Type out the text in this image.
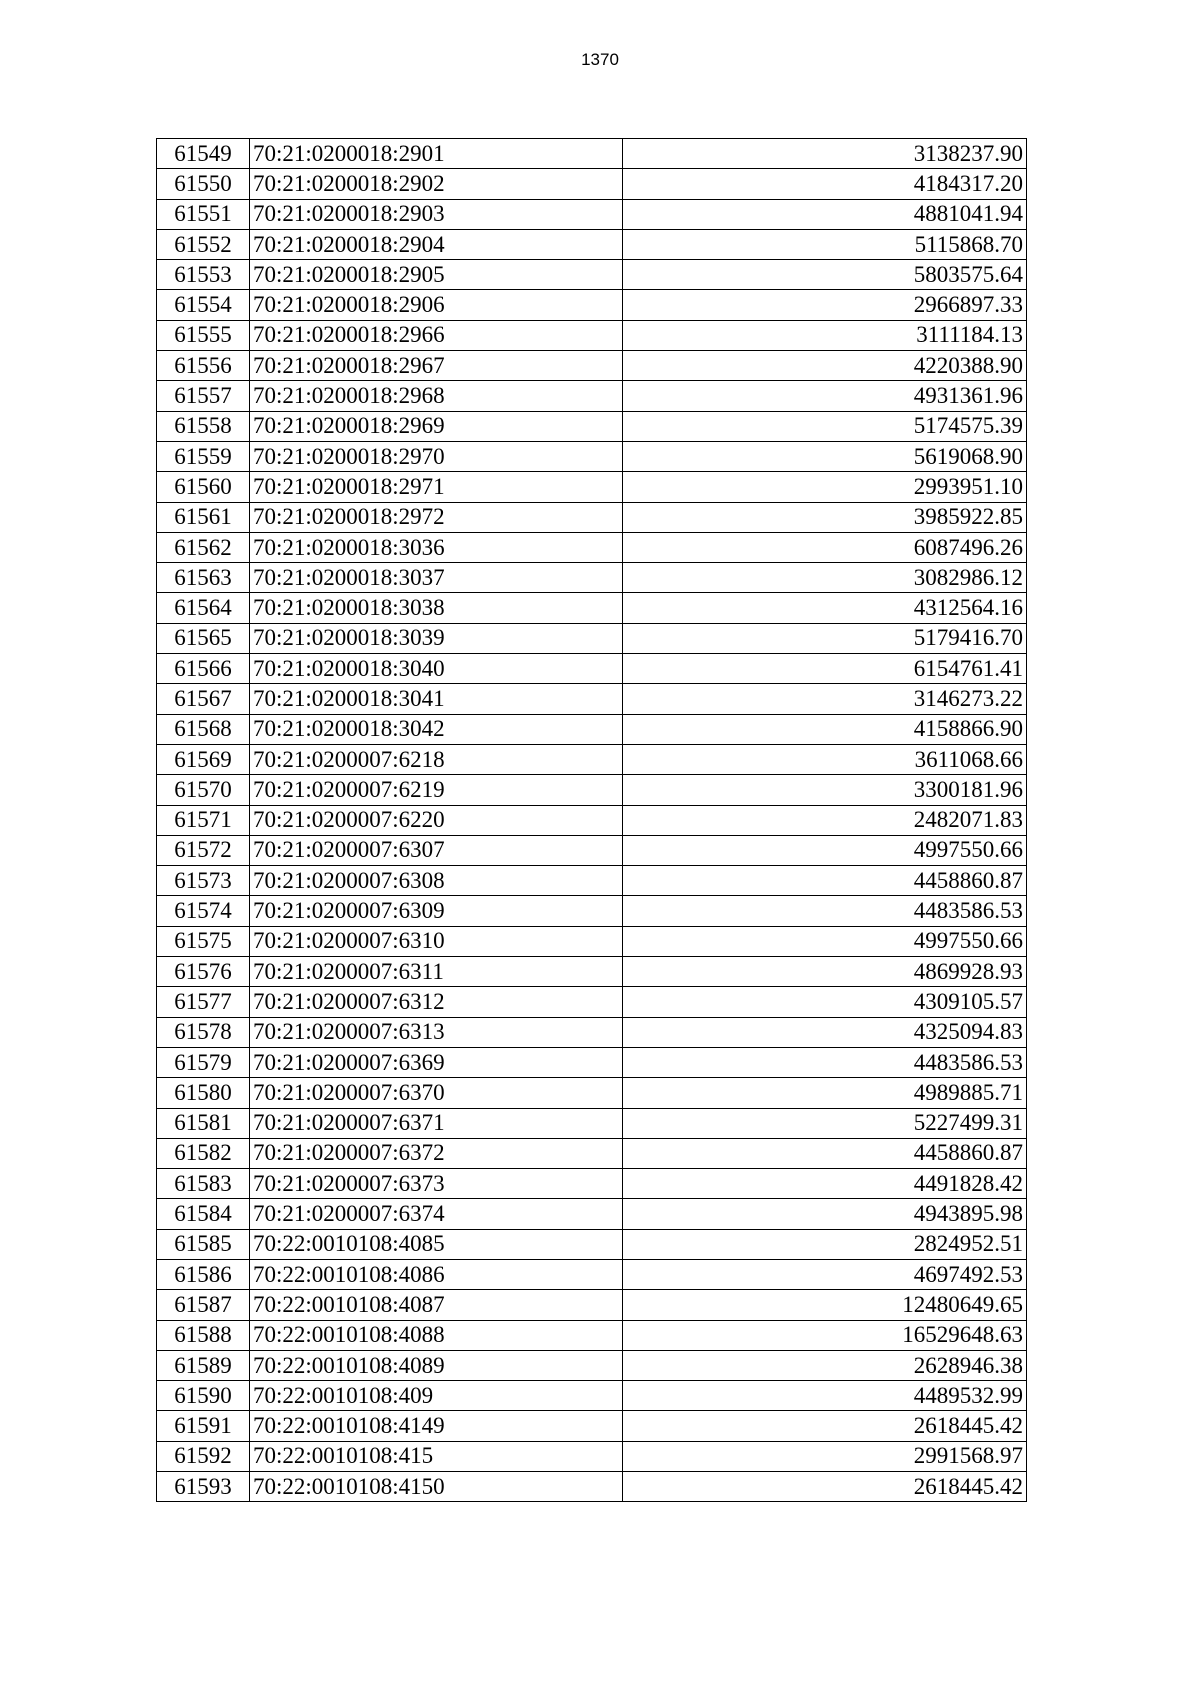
1370
61549	70:21:0200018:2901	3138237.90
61550	70:21:0200018:2902	4184317.20
61551	70:21:0200018:2903	4881041.94
61552	70:21:0200018:2904	5115868.70
61553	70:21:0200018:2905	5803575.64
61554	70:21:0200018:2906	2966897.33
61555	70:21:0200018:2966	3111184.13
61556	70:21:0200018:2967	4220388.90
61557	70:21:0200018:2968	4931361.96
61558	70:21:0200018:2969	5174575.39
61559	70:21:0200018:2970	5619068.90
61560	70:21:0200018:2971	2993951.10
61561	70:21:0200018:2972	3985922.85
61562	70:21:0200018:3036	6087496.26
61563	70:21:0200018:3037	3082986.12
61564	70:21:0200018:3038	4312564.16
61565	70:21:0200018:3039	5179416.70
61566	70:21:0200018:3040	6154761.41
61567	70:21:0200018:3041	3146273.22
61568	70:21:0200018:3042	4158866.90
61569	70:21:0200007:6218	3611068.66
61570	70:21:0200007:6219	3300181.96
61571	70:21:0200007:6220	2482071.83
61572	70:21:0200007:6307	4997550.66
61573	70:21:0200007:6308	4458860.87
61574	70:21:0200007:6309	4483586.53
61575	70:21:0200007:6310	4997550.66
61576	70:21:0200007:6311	4869928.93
61577	70:21:0200007:6312	4309105.57
61578	70:21:0200007:6313	4325094.83
61579	70:21:0200007:6369	4483586.53
61580	70:21:0200007:6370	4989885.71
61581	70:21:0200007:6371	5227499.31
61582	70:21:0200007:6372	4458860.87
61583	70:21:0200007:6373	4491828.42
61584	70:21:0200007:6374	4943895.98
61585	70:22:0010108:4085	2824952.51
61586	70:22:0010108:4086	4697492.53
61587	70:22:0010108:4087	12480649.65
61588	70:22:0010108:4088	16529648.63
61589	70:22:0010108:4089	2628946.38
61590	70:22:0010108:409	4489532.99
61591	70:22:0010108:4149	2618445.42
61592	70:22:0010108:415	2991568.97
61593	70:22:0010108:4150	2618445.42
